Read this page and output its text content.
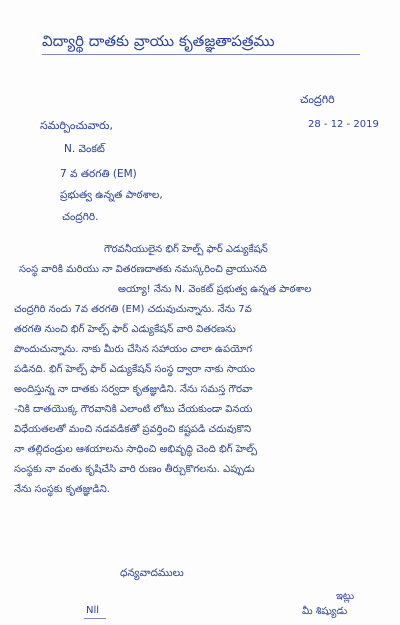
విద్యార్థి దాతకు వ్రాయు కృతజ్ఞతాపత్రము
చంద్రగిరి
28 - 12 - 2019
సమర్పించువారు,
N. వెంకట్
7 వ తరగతి (EM)
ప్రభుత్వ ఉన్నత పాఠశాల,
చంద్రగిరి.
గౌరవనీయులైన భిగ్ హెల్ప్ ఫార్ ఎడ్యుకేషన్
సంస్థ వారికి మరియు నా వితరణదాతకు నమస్కరించి వ్రాయునది
అయ్యా! నేను N. వెంకట్ ప్రభుత్వ ఉన్నత పాఠశాల
చంద్రగిరి నందు 7వ తరగతి (EM) చదువుచున్నాను. నేను 7వ
తరగతి నుంచి భిగ్ హెల్ప్ ఫార్ ఎడ్యుకేషన్ వారి వితరణను
పొందుచున్నాను. నాకు మీరు చేసిన సహాయం చాలా ఉపయోగ
పడినది. భిగ్ హెల్ప్ ఫార్ ఎడ్యుకేషన్ సంస్థ ద్వారా నాకు సాయం
అందిస్తున్న నా దాతకు సర్వదా కృతజ్ఞుడిని. నేను సమస్త గౌరవా
-నికి దాతయొక్క గౌరవానికి ఎలాంటి లోటు చేయకుండా వినయ
విధేయతలతో మంచి నడవడికతో ప్రవర్తించి కష్టపడి చదువుకొని
నా తల్లిదండ్రుల ఆశయాలను సాధించి అభివృద్ధి చెంది భిగ్ హెల్ప్
సంస్థకు నా వంతు కృషిచేసి వారి రుణం తీర్చుకొగలను. ఎప్పుడు
నేను సంస్థకు కృతజ్ఞుడిని.
ధన్యవాదములు
Nll
ఇట్లు
మీ శిష్యుడు
